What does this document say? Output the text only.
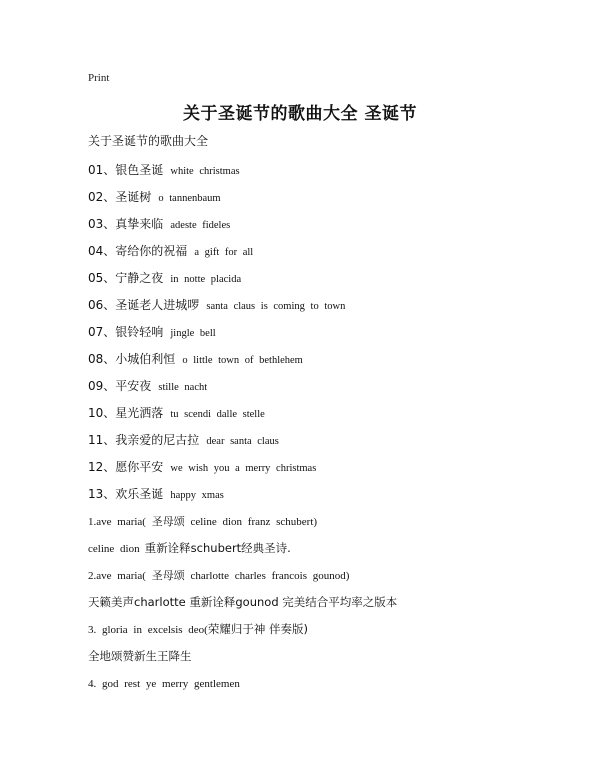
Print
关于圣诞节的歌曲大全 圣诞节
关于圣诞节的歌曲大全
01、银色圣诞 white christmas
02、圣诞树 o tannenbaum
03、真挚来临 adeste fideles
04、寄给你的祝福 a gift for all
05、宁静之夜 in notte placida
06、圣诞老人进城啰 santa claus is coming to town
07、银铃轻响 jingle bell
08、小城伯利恒 o little town of bethlehem
09、平安夜 stille nacht
10、星光洒落 tu scendi dalle stelle
11、我亲爱的尼古拉 dear santa claus
12、愿你平安 we wish you a merry christmas
13、欢乐圣诞 happy xmas
1.ave maria( 圣母颂 celine dion franz schubert)
celine dion 重新诠释schubert经典圣诗.
2.ave maria( 圣母颂 charlotte charles francois gounod)
天籁美声charlotte 重新诠释gounod 完美结合平均率之版本
3. gloria in excelsis deo(荣耀归于神 伴奏版)
全地颂赞新生王降生
4. god rest ye merry gentlemen
